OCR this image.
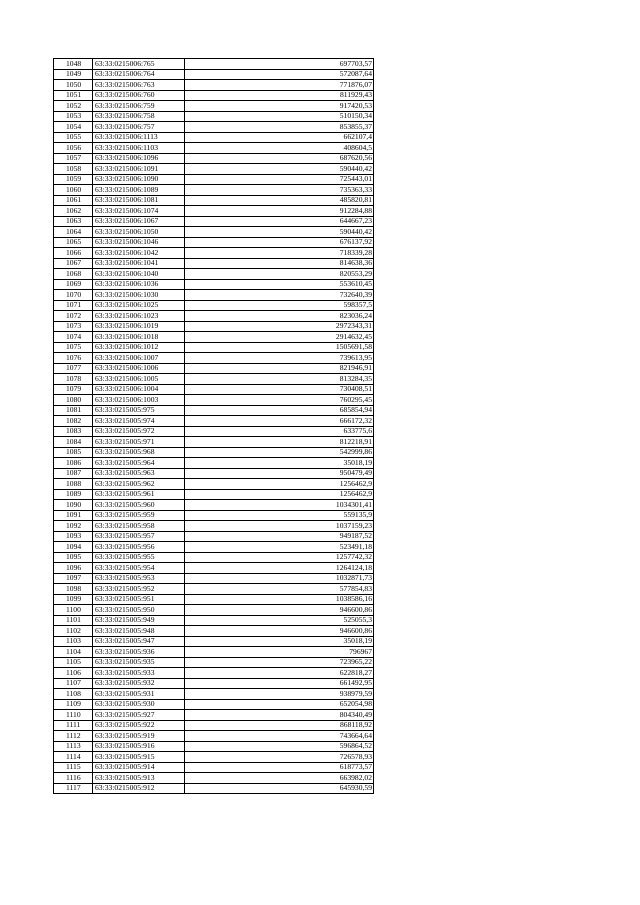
1048	63:33:0215006:765	697703,57
1049	63:33:0215006:764	572087,64
1050	63:33:0215006:763	771876,07
1051	63:33:0215006:760	811929,43
1052	63:33:0215006:759	917420,53
1053	63:33:0215006:758	510150,34
1054	63:33:0215006:757	853855,37
1055	63:33:0215006:1113	662107,4
1056	63:33:0215006:1103	408604,5
1057	63:33:0215006:1096	687620,56
1058	63:33:0215006:1091	590440,42
1059	63:33:0215006:1090	725443,01
1060	63:33:0215006:1089	735363,33
1061	63:33:0215006:1081	485820,81
1062	63:33:0215006:1074	912284,88
1063	63:33:0215006:1067	644667,23
1064	63:33:0215006:1050	590440,42
1065	63:33:0215006:1046	676137,92
1066	63:33:0215006:1042	718339,28
1067	63:33:0215006:1041	814638,36
1068	63:33:0215006:1040	820553,29
1069	63:33:0215006:1036	553610,45
1070	63:33:0215006:1030	732640,39
1071	63:33:0215006:1025	598357,5
1072	63:33:0215006:1023	823036,24
1073	63:33:0215006:1019	2972343,31
1074	63:33:0215006:1018	2914632,45
1075	63:33:0215006:1012	1505691,58
1076	63:33:0215006:1007	739613,95
1077	63:33:0215006:1006	821946,91
1078	63:33:0215006:1005	813284,35
1079	63:33:0215006:1004	730408,51
1080	63:33:0215006:1003	760295,45
1081	63:33:0215005:975	685854,94
1082	63:33:0215005:974	666172,32
1083	63:33:0215005:972	633775,6
1084	63:33:0215005:971	812218,91
1085	63:33:0215005:968	542999,86
1086	63:33:0215005:964	35018,19
1087	63:33:0215005:963	950479,49
1088	63:33:0215005:962	1256462,9
1089	63:33:0215005:961	1256462,9
1090	63:33:0215005:960	1034301,41
1091	63:33:0215005:959	559135,9
1092	63:33:0215005:958	1037159,23
1093	63:33:0215005:957	949187,52
1094	63:33:0215005:956	523491,18
1095	63:33:0215005:955	1257742,32
1096	63:33:0215005:954	1264124,18
1097	63:33:0215005:953	1032871,73
1098	63:33:0215005:952	577854,83
1099	63:33:0215005:951	1038586,16
1100	63:33:0215005:950	946600,86
1101	63:33:0215005:949	525055,3
1102	63:33:0215005:948	946600,86
1103	63:33:0215005:947	35018,19
1104	63:33:0215005:936	796967
1105	63:33:0215005:935	723965,22
1106	63:33:0215005:933	622818,27
1107	63:33:0215005:932	661492,95
1108	63:33:0215005:931	938979,59
1109	63:33:0215005:930	652054,98
1110	63:33:0215005:927	804340,49
1111	63:33:0215005:922	868118,92
1112	63:33:0215005:919	743664,64
1113	63:33:0215005:916	596864,52
1114	63:33:0215005:915	726578,93
1115	63:33:0215005:914	618773,57
1116	63:33:0215005:913	663982,02
1117	63:33:0215005:912	645930,59
